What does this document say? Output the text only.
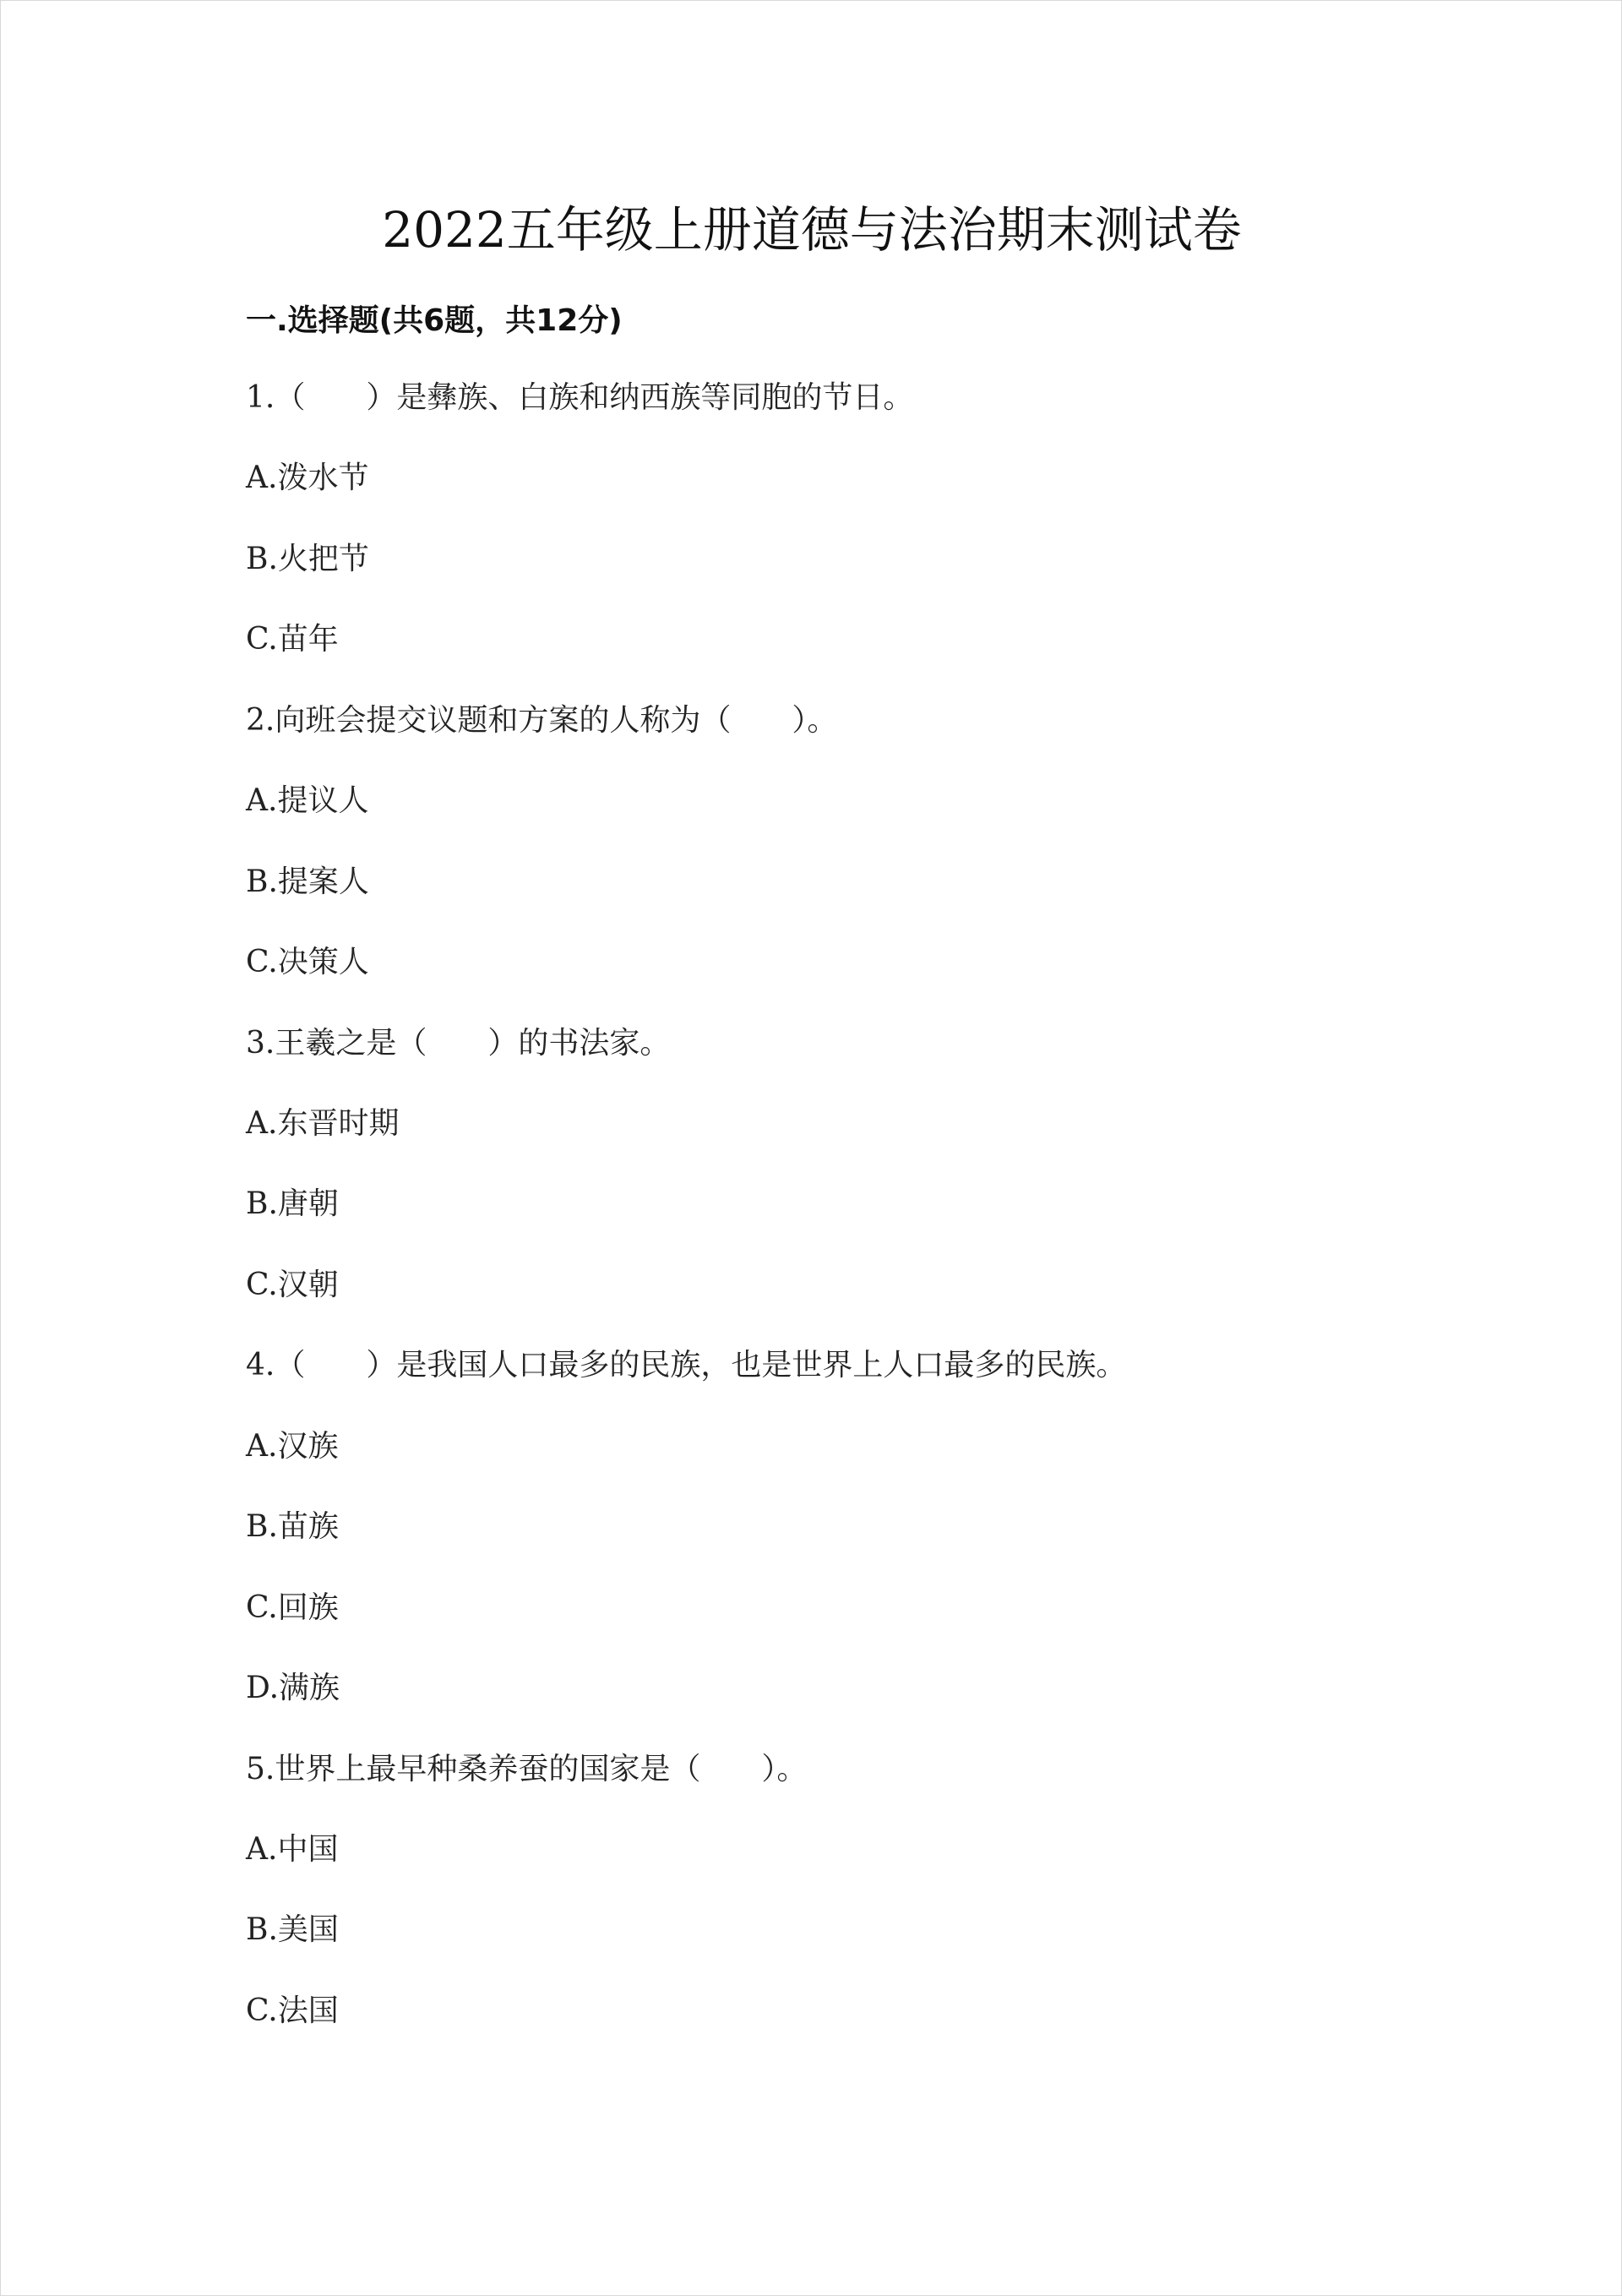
2022五年级上册道德与法治期末测试卷
一.选择题(共6题，共12分)
1.（　　）是彝族、白族和纳西族等同胞的节日。
A.泼水节
B.火把节
C.苗年
2.向班会提交议题和方案的人称为（　　）。
A.提议人
B.提案人
C.决策人
3.王羲之是（　　）的书法家。
A.东晋时期
B.唐朝
C.汉朝
4.（　　）是我国人口最多的民族，也是世界上人口最多的民族。
A.汉族
B.苗族
C.回族
D.满族
5.世界上最早种桑养蚕的国家是（　　）。
A.中国
B.美国
C.法国
